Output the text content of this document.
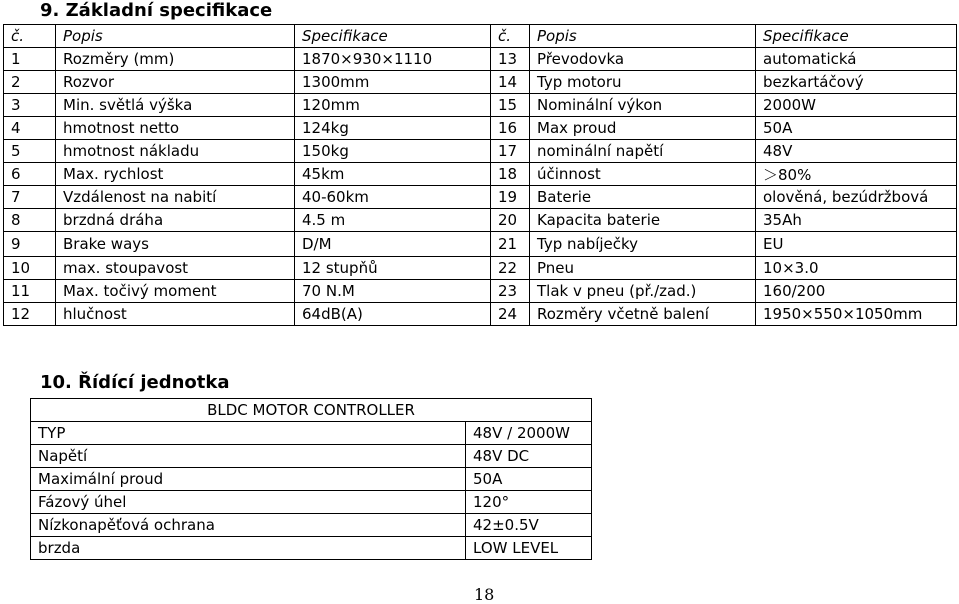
9. Základní specifikace
č.	Popis	Specifikace	č.	Popis	Specifikace
1	Rozměry (mm)	1870×930×1110	13	Převodovka	automatická
2	Rozvor	1300mm	14	Typ motoru	bezkartáčový
3	Min. světlá výška	120mm	15	Nominální výkon	2000W
4	hmotnost netto	124kg	16	Max proud	50A
5	hmotnost nákladu	150kg	17	nominální napětí	48V
6	Max. rychlost	45km	18	účinnost	＞80%
7	Vzdálenost na nabití	40-60km	19	Baterie	olověná, bezúdržbová
8	brzdná dráha	4.5 m	20	Kapacita baterie	35Ah
9	Brake ways	D/M	21	Typ nabíječky	EU
10	max. stoupavost	12 stupňů	22	Pneu	10×3.0
11	Max. točivý moment	70 N.M	23	Tlak v pneu (př./zad.)	160/200
12	hlučnost	64dB(A)	24	Rozměry včetně balení	1950×550×1050mm
10. Řídící jednotka
BLDC MOTOR CONTROLLER	
TYP	48V / 2000W
Napětí	48V DC
Maximální proud	50A
Fázový úhel	120°
Nízkonapěťová ochrana	42±0.5V
brzda	LOW LEVEL
18
